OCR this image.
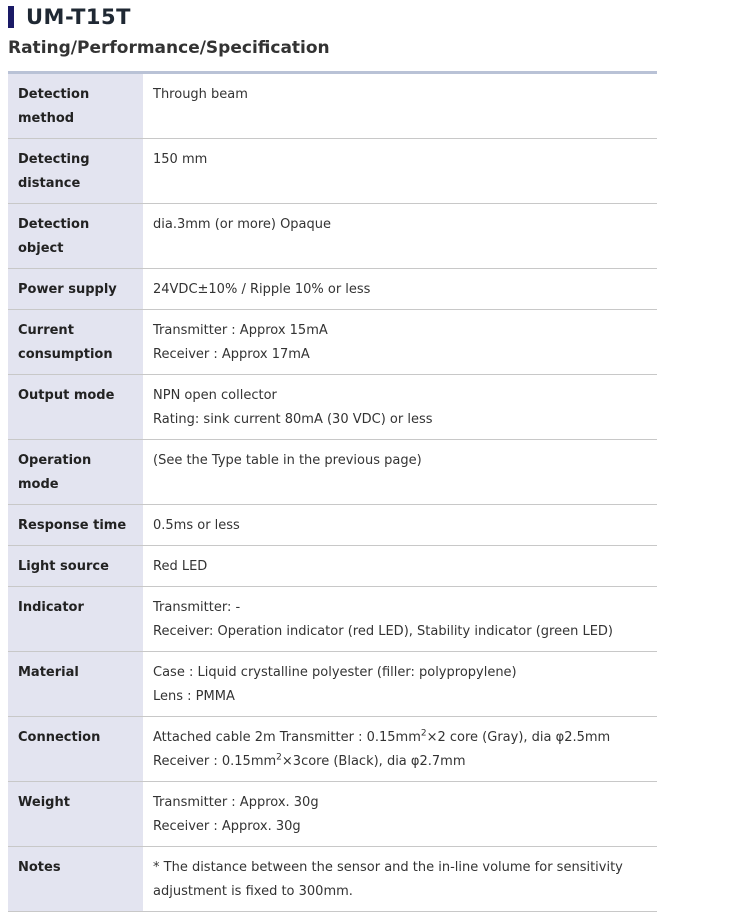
UM-T15T
Rating/Performance/Specification
Detection method	Through beam

Detecting distance	150 mm

Detection object	dia.3mm (or more) Opaque

Power supply	24VDC±10% / Ripple 10% or less

Current consumption	Transmitter : Approx 15mA
Receiver : Approx 17mA

Output mode	NPN open collector
Rating: sink current 80mA (30 VDC) or less

Operation mode	(See the Type table in the previous page)

Response time	0.5ms or less

Light source	Red LED

Indicator	Transmitter: -
Receiver: Operation indicator (red LED), Stability indicator (green LED)

Material	Case : Liquid crystalline polyester (filler: polypropylene)
Lens : PMMA

Connection	Attached cable 2m Transmitter : $0.15mm^2\times 2$ core (Gray), dia φ2.5mm
Receiver : $0.15mm^2\times 3core$ (Black), dia φ2.7mm

Weight	Transmitter : Approx. 30g
Receiver : Approx. 30g

Notes	* The distance between the sensor and the in-line volume for sensitivity adjustment is fixed to 300mm.
